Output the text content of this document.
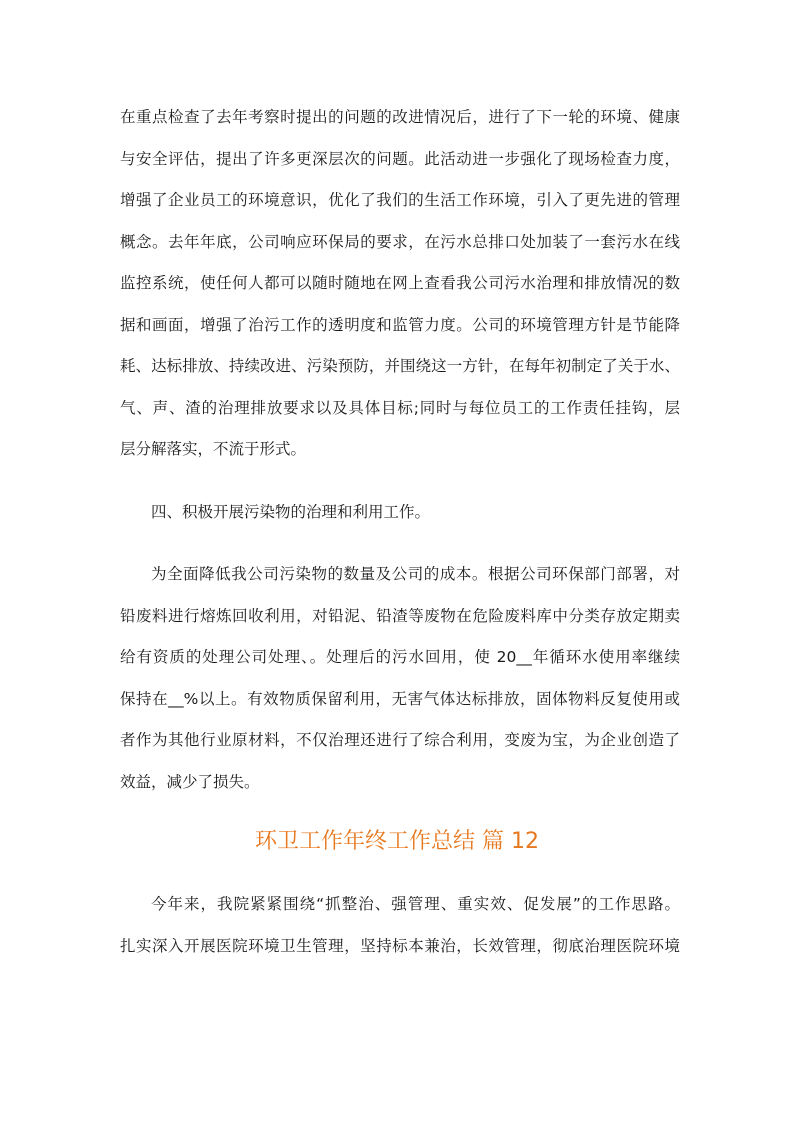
在重点检查了去年考察时提出的问题的改进情况后，进行了下一轮的环境、健康
与安全评估，提出了许多更深层次的问题。此活动进一步强化了现场检查力度，
增强了企业员工的环境意识，优化了我们的生活工作环境，引入了更先进的管理
概念。去年年底，公司响应环保局的要求，在污水总排口处加装了一套污水在线
监控系统，使任何人都可以随时随地在网上查看我公司污水治理和排放情况的数
据和画面，增强了治污工作的透明度和监管力度。公司的环境管理方针是节能降
耗、达标排放、持续改进、污染预防，并围绕这一方针，在每年初制定了关于水、
气、声、渣的治理排放要求以及具体目标;同时与每位员工的工作责任挂钩，层
层分解落实，不流于形式。
四、积极开展污染物的治理和利用工作。
为全面降低我公司污染物的数量及公司的成本。根据公司环保部门部署，对
铅废料进行熔炼回收利用，对铅泥、铅渣等废物在危险废料库中分类存放定期卖
给有资质的处理公司处理、。处理后的污水回用，使 20__年循环水使用率继续
保持在__%以上。有效物质保留利用，无害气体达标排放，固体物料反复使用或
者作为其他行业原材料，不仅治理还进行了综合利用，变废为宝，为企业创造了
效益，减少了损失。
环卫工作年终工作总结 篇 12
今年来，我院紧紧围绕“抓整治、强管理、重实效、促发展”的工作思路。
扎实深入开展医院环境卫生管理，坚持标本兼治，长效管理，彻底治理医院环境
